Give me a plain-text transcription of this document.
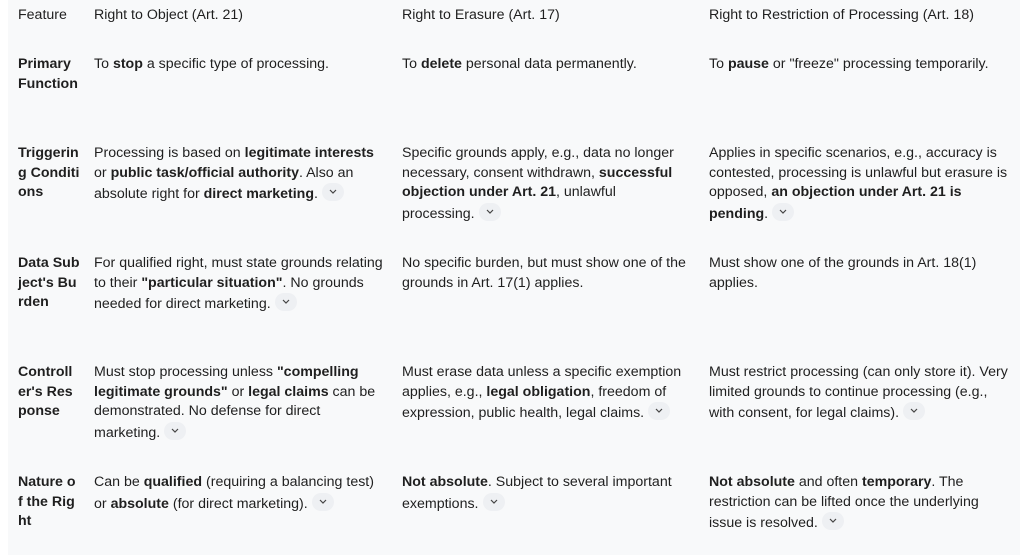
Feature	Right to Object (Art. 21)	Right to Erasure (Art. 17)	Right to Restriction of Processing (Art. 18)
Primary Function	To stop a specific type of processing.	To delete personal data permanently.	To pause or "freeze" processing temporarily.
Triggering Conditions	Processing is based on legitimate interests or public task/official authority. Also an absolute right for direct marketing.	Specific grounds apply, e.g., data no longer necessary, consent withdrawn, successful objection under Art. 21, unlawful processing.	Applies in specific scenarios, e.g., accuracy is contested, processing is unlawful but erasure is opposed, an objection under Art. 21 is pending.

Data Subject's Burden	For qualified right, must state grounds relating to their "particular situation". No grounds needed for direct marketing.	No specific burden, but must show one of the grounds in Art. 17(1) applies.	Must show one of the grounds in Art. 18(1) applies.
Controller's Response	Must stop processing unless "compelling legitimate grounds" or legal claims can be demonstrated. No defense for direct marketing.	Must erase data unless a specific exemption applies, e.g., legal obligation, freedom of expression, public health, legal claims.	Must restrict processing (can only store it). Very limited grounds to continue processing (e.g., with consent, for legal claims).

Nature of the Right	Can be qualified (requiring a balancing test) or absolute (for direct marketing).	Not absolute. Subject to several important exemptions.	Not absolute and often temporary. The restriction can be lifted once the underlying issue is resolved.
